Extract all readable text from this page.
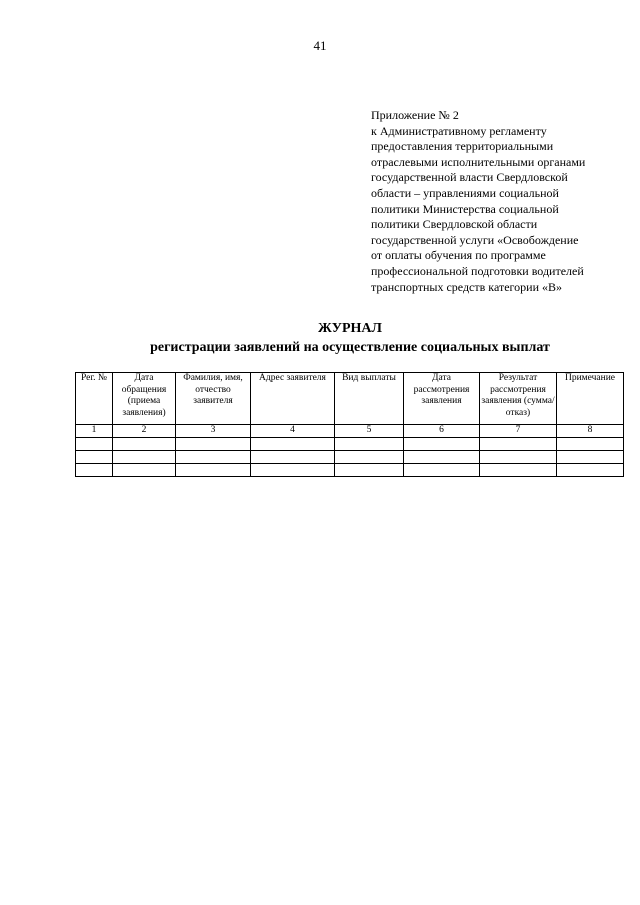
41
Приложение № 2
к Административному регламенту
предоставления территориальными
отраслевыми исполнительными органами
государственной власти Свердловской
области – управлениями социальной
политики Министерства социальной
политики Свердловской области
государственной услуги «Освобождение
от оплаты обучения по программе
профессиональной подготовки водителей
транспортных средств категории «В»
ЖУРНАЛ
регистрации заявлений на осуществление социальных выплат
Рег. №	Дата обращения (приема заявления)	Фамилия, имя, отчество заявителя	Адрес заявителя	Вид выплаты	Дата рассмотрения заявления	Результат рассмотрения заявления (сумма/отказ)	Примечание
1	2	3	4	5	6	7	8
